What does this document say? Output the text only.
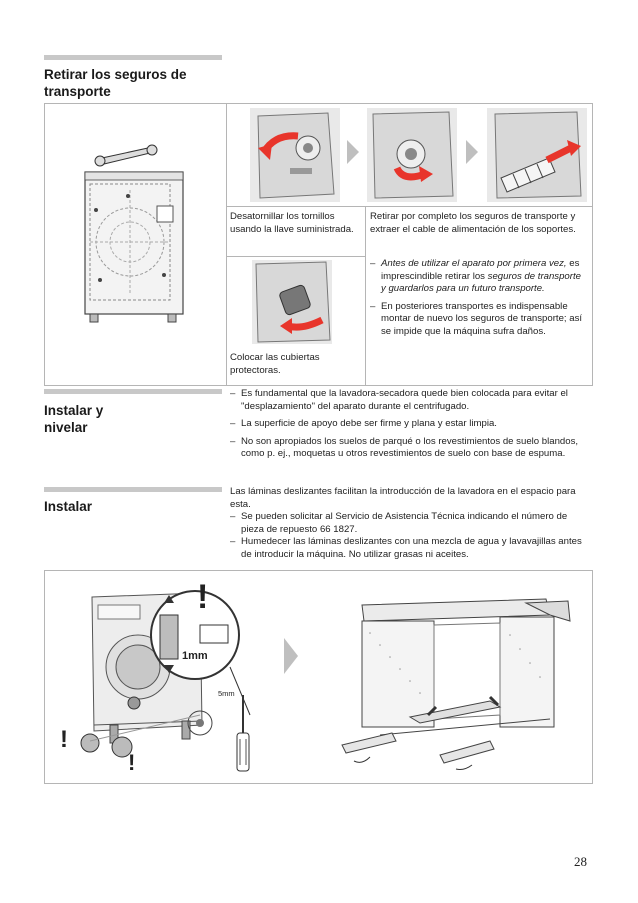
Retirar los seguros de
transporte
Desatornillar los tornillos usando la llave suministrada.
Retirar por completo los seguros de transporte y extraer el cable de alimentación de los soportes.
Colocar las cubiertas protectoras.
– Antes de utilizar el aparato por primera vez, es imprescindible retirar los seguros de transporte y guardarlos para un futuro transporte.
– En posteriores transportes es indispensable montar de nuevo los seguros de transporte; así se impide que la máquina sufra daños.
Instalar y
nivelar
– Es fundamental que la lavadora-secadora quede bien colocada para evitar el "desplazamiento" del aparato durante el centrifugado.
– La superficie de apoyo debe ser firme y plana y estar limpia.
– No son apropiados los suelos de parqué o los revestimientos de suelo blandos, como p. ej., moquetas u otros revestimientos de suelo con base de espuma.
Instalar
Las láminas deslizantes facilitan la introducción de la lavadora en el espacio para esta.
– Se pueden solicitar al Servicio de Asistencia Técnica indicando el número de pieza de repuesto 66 1827.
– Humedecer las láminas deslizantes con una mezcla de agua y lavavajillas antes de introducir la máquina. No utilizar grasas ni aceites.
!
1mm
5mm
!
!
28
